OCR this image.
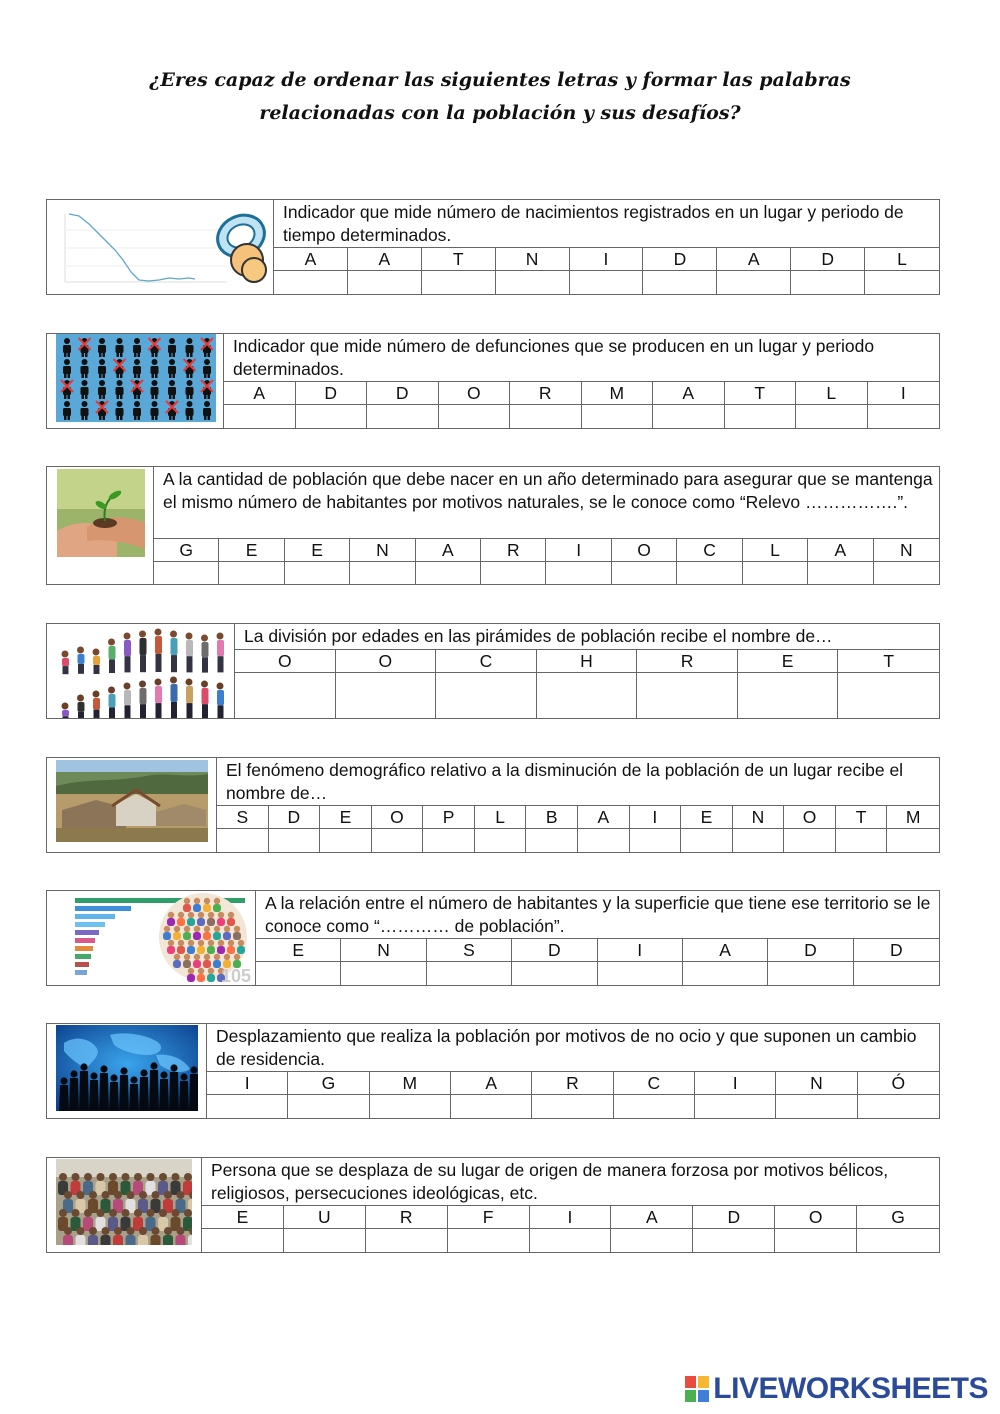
¿Eres capaz de ordenar las siguientes letras y formar las palabras
relacionadas con la población y sus desafíos?
Indicador que mide número de nacimientos registrados en un lugar y periodo de tiempo determinados.
A	A	T	N	I	D	A	D	L
Indicador que mide número de defunciones que se producen en un lugar y periodo determinados.
A	D	D	O	R	M	A	T	L	I
A la cantidad de población que debe nacer en un año determinado para asegurar que se mantenga el mismo número de habitantes por motivos naturales, se le conoce como “Relevo …………….”.
G	E	E	N	A	R	I	O	C	L	A	N
La división por edades en las pirámides de población recibe el nombre de…
O	O	C	H	R	E	T
El fenómeno demográfico relativo a la disminución de la población de un lugar recibe el nombre de…
S	D	E	O	P	L	B	A	I	E	N	O	T	M
105
A la relación entre el número de habitantes y la superficie que tiene ese territorio se le conoce como “………… de población”.
E	N	S	D	I	A	D	D
Desplazamiento que realiza la población por motivos de no ocio y que suponen un cambio de residencia.
I	G	M	A	R	C	I	N	Ó
Persona que se desplaza de su lugar de origen de manera forzosa por motivos bélicos, religiosos, persecuciones ideológicas, etc.
E	U	R	F	I	A	D	O	G
LIVEWORKSHEETS
